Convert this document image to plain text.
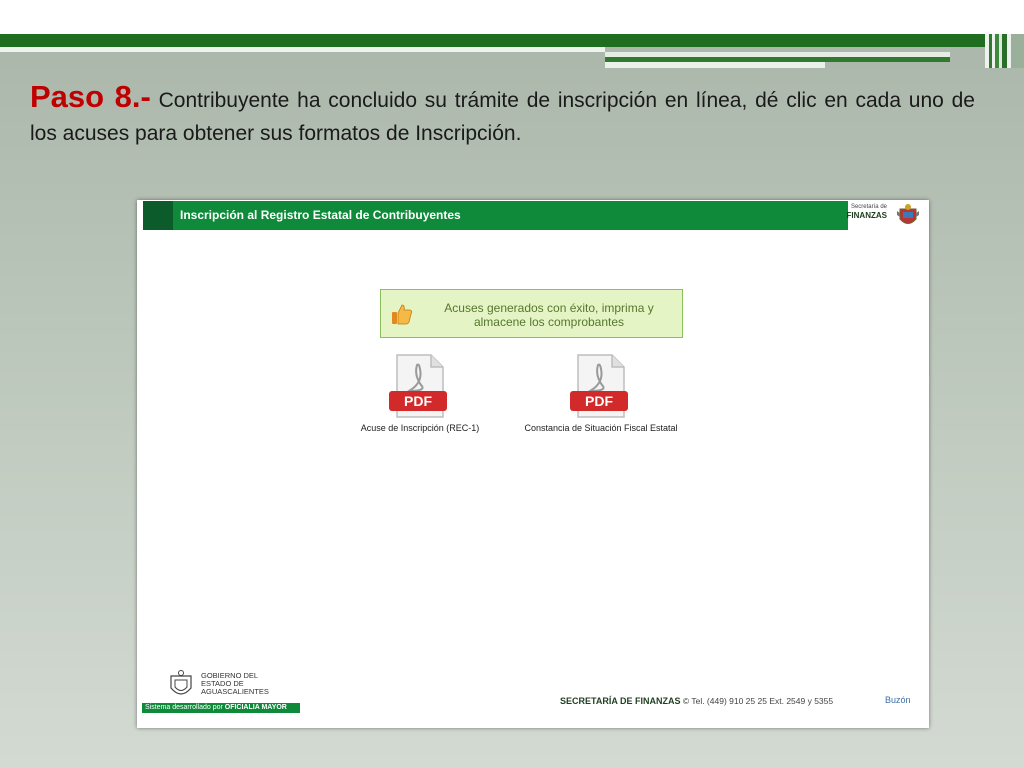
Paso 8.- Contribuyente ha concluido su trámite de inscripción en línea, dé clic en cada uno de los acuses para obtener sus formatos de Inscripción.
Inscripción al Registro Estatal de Contribuyentes
Secretaría de
FINANZAS
Acuses generados con éxito, imprima y almacene los comprobantes
PDF
Acuse de Inscripción (REC-1)
PDF
Constancia de Situación Fiscal Estatal
GOBIERNO DEL
ESTADO DE
AGUASCALIENTES
Sistema desarrollado por OFICIALIA MAYOR
SECRETARÍA DE FINANZAS © Tel. (449) 910 25 25 Ext. 2549 y 5355	Buzón
